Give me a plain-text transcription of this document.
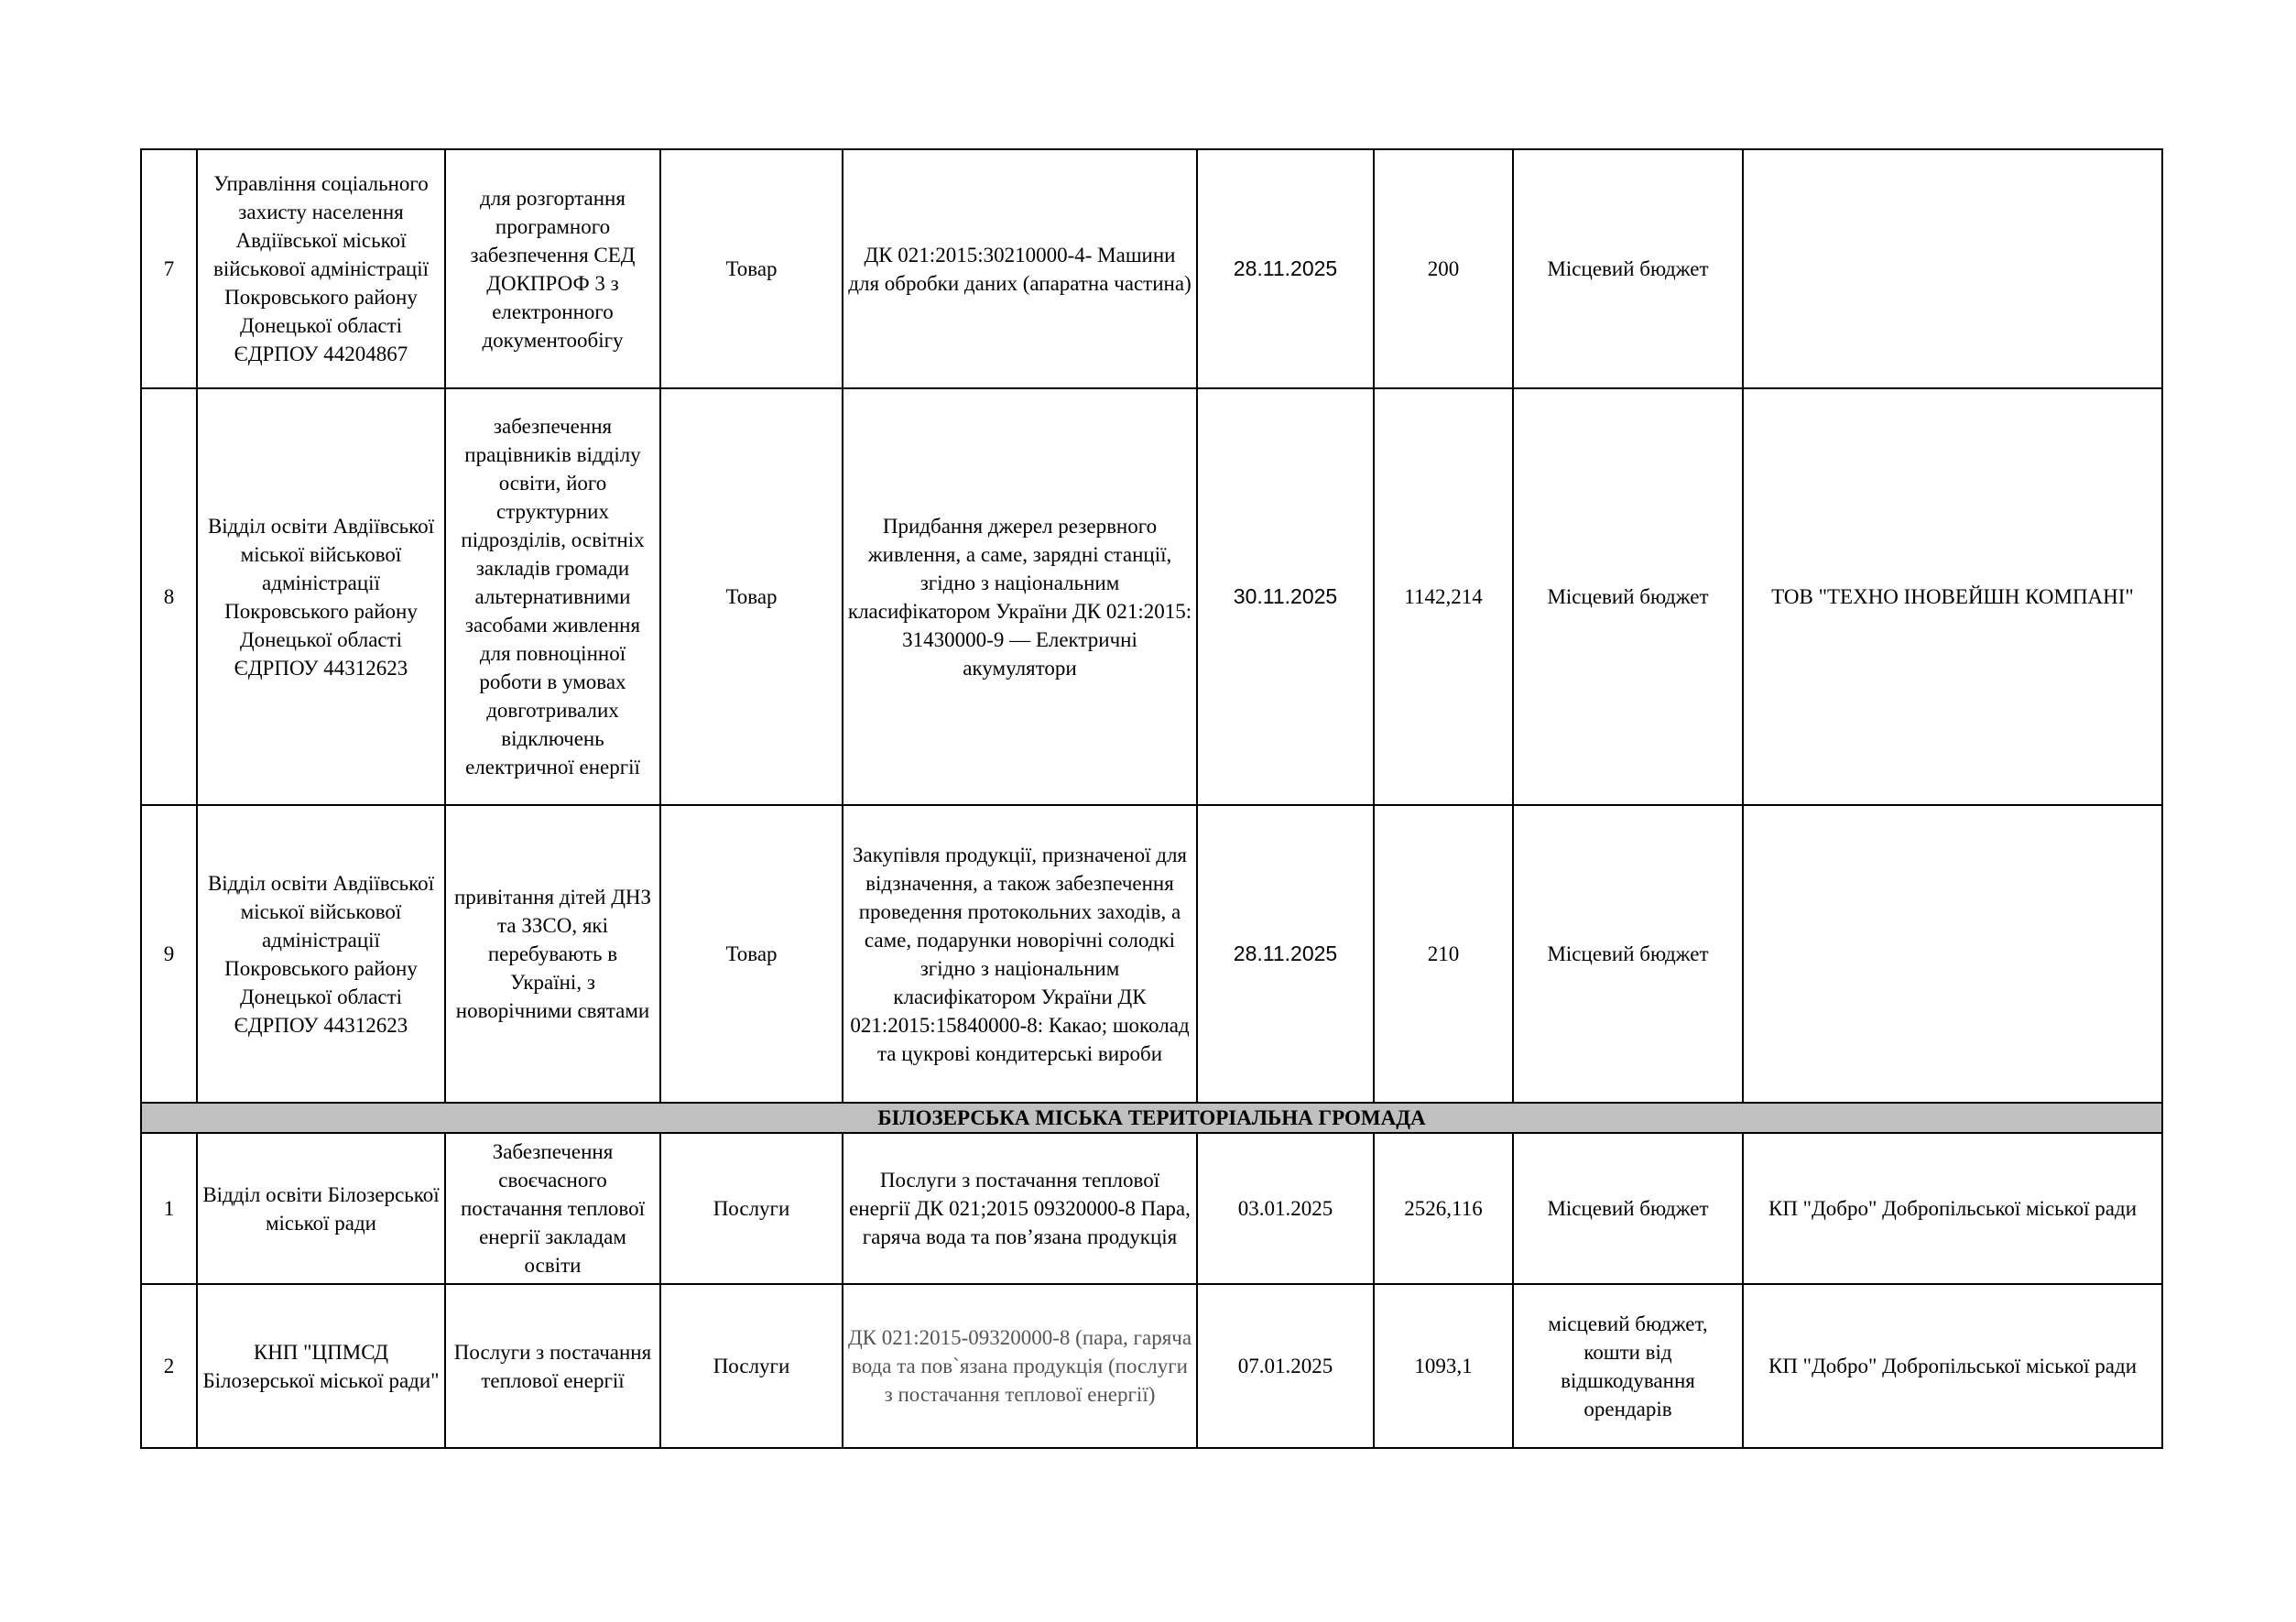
7	Управління соціального захисту населення Авдіївської міської військової адміністрації Покровського району Донецької області ЄДРПОУ 44204867	для розгортання програмного забезпечення СЕД ДОКПРОФ 3 з електронного документообігу	Товар	ДК 021:2015:30210000-4- Машини для обробки даних (апаратна частина)	28.11.2025	200	Місцевий бюджет	
8	Відділ освіти Авдіївської міської військової адміністрації Покровського району Донецької області ЄДРПОУ 44312623	забезпечення працівників відділу освіти, його структурних підрозділів, освітніх закладів громади альтернативними засобами живлення для повноцінної роботи в умовах довготривалих відключень електричної енергії	Товар	Придбання джерел резервного живлення, а саме, зарядні станції, згідно з національним класифікатором України ДК 021:2015: 31430000-9 — Електричні акумулятори	30.11.2025	1142,214	Місцевий бюджет	ТОВ "ТЕХНО ІНОВЕЙШН КОМПАНІ"
9	Відділ освіти Авдіївської міської військової адміністрації Покровського району Донецької області ЄДРПОУ 44312623	привітання дітей ДНЗ та ЗЗСО, які перебувають в Україні, з новорічними святами	Товар	Закупівля продукції, призначеної для відзначення, а також забезпечення проведення протокольних заходів, а саме, подарунки новорічні солодкі згідно з національним класифікатором України ДК 021:2015:15840000-8: Какао; шоколад та цукрові кондитерські вироби	28.11.2025	210	Місцевий бюджет	
БІЛОЗЕРСЬКА МІСЬКА ТЕРИТОРІАЛЬНА ГРОМАДА								
1	Відділ освіти Білозерської міської ради	Забезпечення своєчасного постачання теплової енергії закладам освіти	Послуги	Послуги з постачання теплової енергії ДК 021;2015 09320000-8 Пара, гаряча вода та пов’язана продукція	03.01.2025	2526,116	Місцевий бюджет	КП "Добро" Добропільської міської ради
2	КНП "ЦПМСД Білозерської міської ради"	Послуги з постачання теплової енергії	Послуги	ДК 021:2015-09320000-8 (пара, гаряча вода та пов`язана продукція (послуги з постачання теплової енергії)	07.01.2025	1093,1	місцевий бюджет, кошти від відшкодування орендарів	КП "Добро" Добропільської міської ради
